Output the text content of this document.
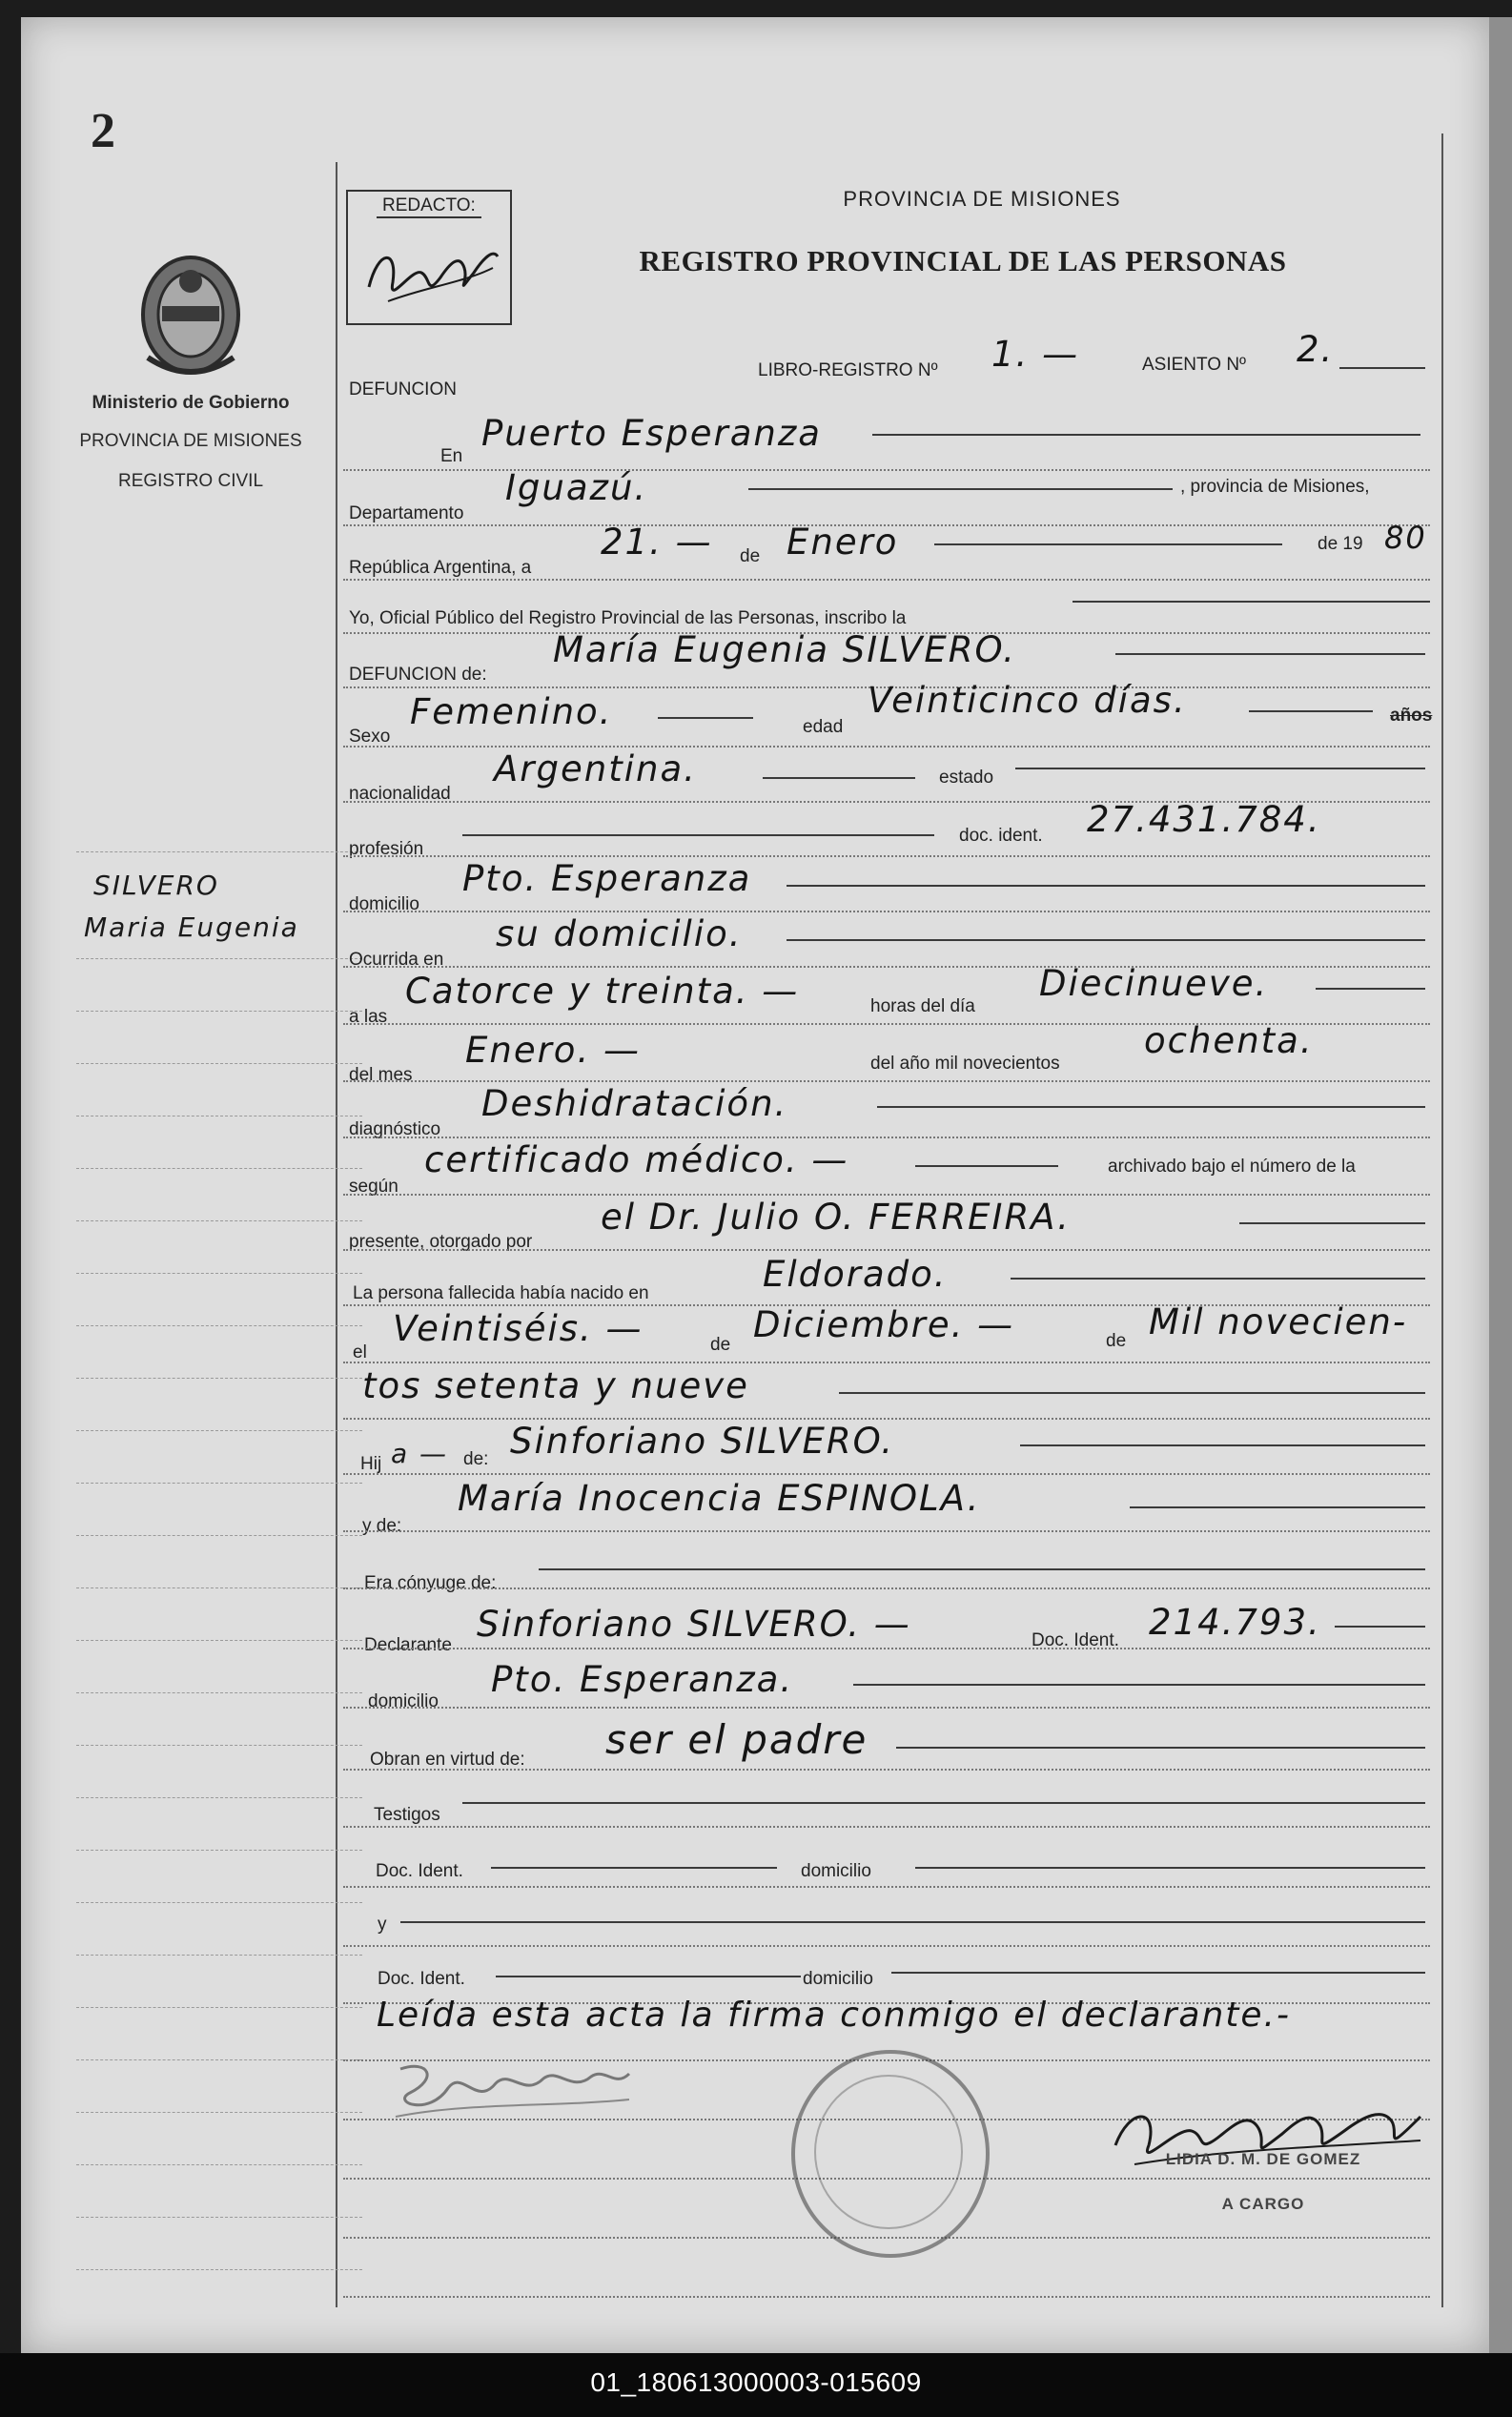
01_180613000003-015609
2
Ministerio de Gobierno
PROVINCIA DE MISIONES
REGISTRO CIVIL
SILVERO
Maria Eugenia
REDACTO:	PROVINCIA DE MISIONES
REGISTRO PROVINCIAL DE LAS PERSONAS
DEFUNCION
LIBRO-REGISTRO Nº 1. —	ASIENTO Nº 2.
En
Puerto Esperanza
Departamento
Iguazú.	, provincia de Misiones,
República Argentina, a
21. — de Enero	de 19 80
Yo, Oficial Público del Registro Provincial de las Personas, inscribo la
DEFUNCION de:
María Eugenia SILVERO.
Sexo
Femenino.	edad
Veinticinco días.	años
nacionalidad
Argentina.	estado
profesión
doc. ident. 27.431.784.
domicilio
Pto. Esperanza
Ocurrida en
su domicilio.
a las
Catorce y treinta. —	horas del día
Diecinueve.
del mes
Enero. —	del año mil novecientos
ochenta.
diagnóstico
Deshidratación.
según
certificado médico. —	archivado bajo el número de la
presente, otorgado por
el Dr. Julio O. FERREIRA.
La persona fallecida había nacido en	Eldorado.
el
Veintiséis. —	de Diciembre. —	de Mil novecien-
tos setenta y nueve
Hij a — de: Sinforiano SILVERO.
y de:
María Inocencia ESPINOLA.
Era cónyuge de:
Declarante
Sinforiano SILVERO. —	Doc. Ident. 214.793.
domicilio
Pto. Esperanza.
Obran en virtud de: ser el padre
Testigos
Doc. Ident.	domicilio
y
Doc. Ident.	domicilio
Leída esta acta la firma conmigo el declarante.-
LIDIA D. M. DE GOMEZ
A CARGO
